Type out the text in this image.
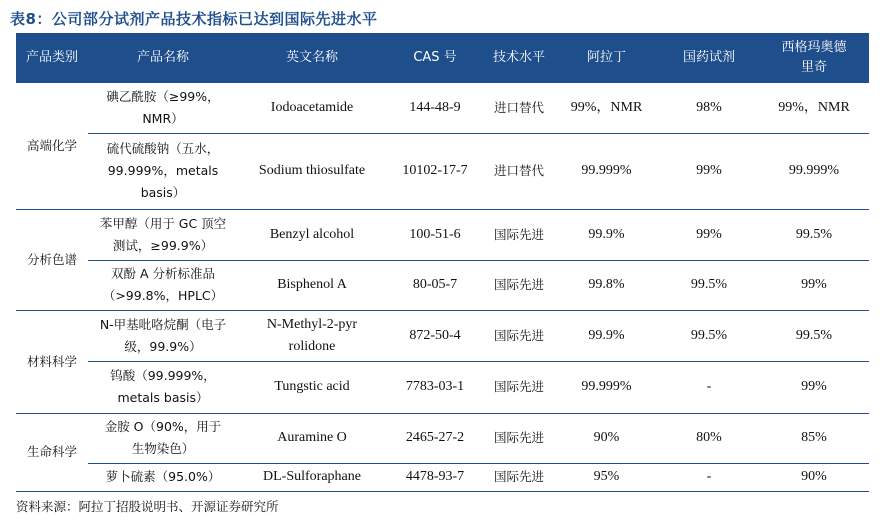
表8：公司部分试剂产品技术指标已达到国际先进水平
产品类别	产品名称	英文名称	CAS 号	技术水平	阿拉丁	国药试剂	西格玛奥德里奇
高端化学	碘乙酰胺（≥99%，NMR）	Iodoacetamide	144-48-9	进口替代	99%，NMR	98%	99%，NMR
	硫代硫酸钠（五水，99.999%，metals basis）	Sodium thiosulfate	10102-17-7	进口替代	99.999%	99%	99.999%
分析色谱	苯甲醇（用于 GC 顶空测试，≥99.9%）	Benzyl alcohol	100-51-6	国际先进	99.9%	99%	99.5%
	双酚 A 分析标准品（>99.8%，HPLC）	Bisphenol A	80-05-7	国际先进	99.8%	99.5%	99%
材料科学	N-甲基吡咯烷酮（电子级，99.9%）	N-Methyl-2-pyr rolidone	872-50-4	国际先进	99.9%	99.5%	99.5%
	钨酸（99.999%，metals basis）	Tungstic acid	7783-03-1	国际先进	99.999%	-	99%
生命科学	金胺 O（90%，用于生物染色）	Auramine O	2465-27-2	国际先进	90%	80%	85%
	萝卜硫素（95.0%）	DL-Sulforaphane	4478-93-7	国际先进	95%	-	90%
资料来源：阿拉丁招股说明书、开源证券研究所
